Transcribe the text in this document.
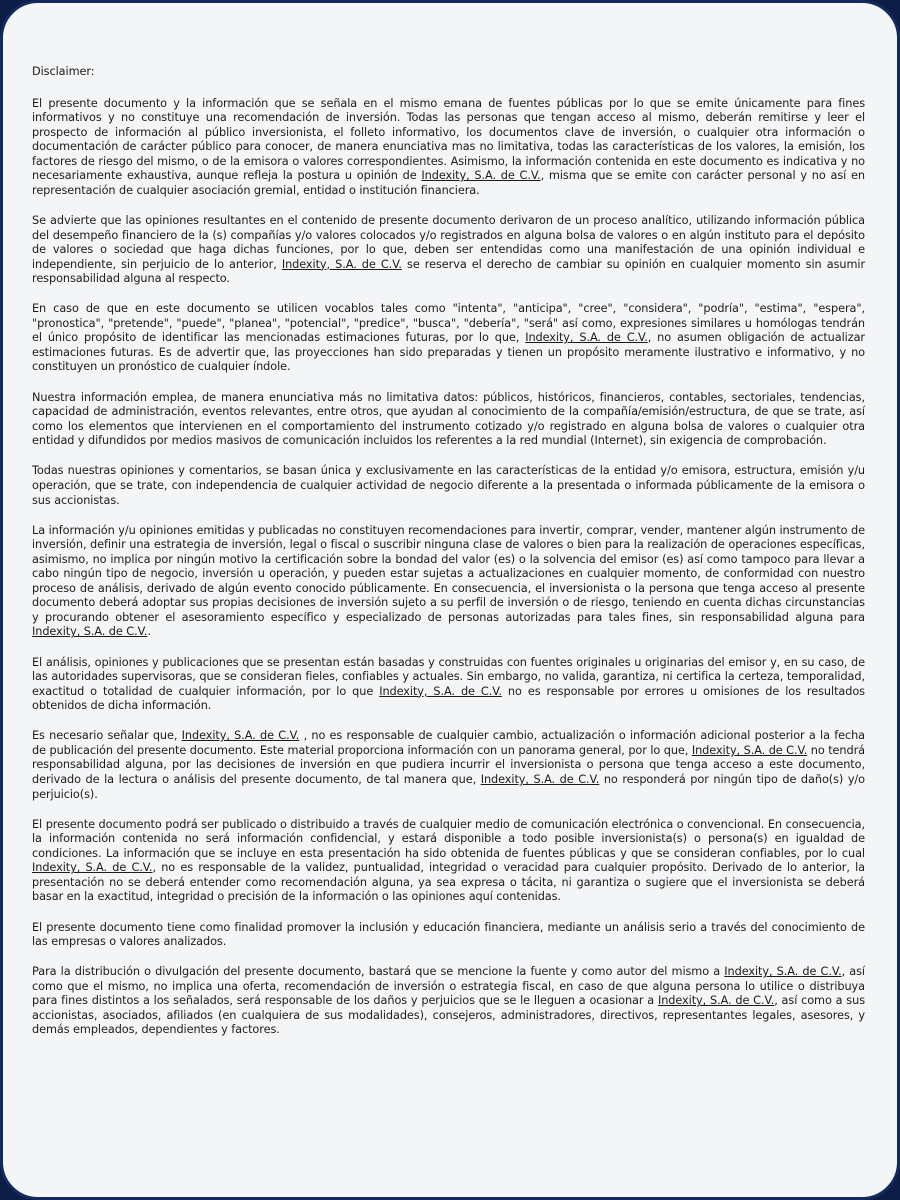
Disclaimer:

El presente documento y la información que se señala en el mismo emana de fuentes públicas por lo que se emite únicamente para fines informativos y no constituye una recomendación de inversión. Todas las personas que tengan acceso al mismo, deberán remitirse y leer el prospecto de información al público inversionista, el folleto informativo, los documentos clave de inversión, o cualquier otra información o documentación de carácter público para conocer, de manera enunciativa mas no limitativa, todas las características de los valores, la emisión, los factores de riesgo del mismo, o de la emisora o valores correspondientes. Asimismo, la información contenida en este documento es indicativa y no necesariamente exhaustiva, aunque refleja la postura u opinión de Indexity, S.A. de C.V., misma que se emite con carácter personal y no así en representación de cualquier asociación gremial, entidad o institución financiera.

Se advierte que las opiniones resultantes en el contenido de presente documento derivaron de un proceso analítico, utilizando información pública del desempeño financiero de la (s) compañías y/o valores colocados y/o registrados en alguna bolsa de valores o en algún instituto para el depósito de valores o sociedad que haga dichas funciones, por lo que, deben ser entendidas como una manifestación de una opinión individual e independiente, sin perjuicio de lo anterior, Indexity, S.A. de C.V. se reserva el derecho de cambiar su opinión en cualquier momento sin asumir responsabilidad alguna al respecto.

En caso de que en este documento se utilicen vocablos tales como "intenta", "anticipa", "cree", "considera", "podría", "estima", "espera", "pronostica", "pretende", "puede", "planea", "potencial", "predice", "busca", "debería", "será" así como, expresiones similares u homólogas tendrán el único propósito de identificar las mencionadas estimaciones futuras, por lo que, Indexity, S.A. de C.V., no asumen obligación de actualizar estimaciones futuras. Es de advertir que, las proyecciones han sido preparadas y tienen un propósito meramente ilustrativo e informativo, y no constituyen un pronóstico de cualquier índole.

Nuestra información emplea, de manera enunciativa más no limitativa datos: públicos, históricos, financieros, contables, sectoriales, tendencias, capacidad de administración, eventos relevantes, entre otros, que ayudan al conocimiento de la compañía/emisión/estructura, de que se trate, así como los elementos que intervienen en el comportamiento del instrumento cotizado y/o registrado en alguna bolsa de valores o cualquier otra entidad y difundidos por medios masivos de comunicación incluidos los referentes a la red mundial (Internet), sin exigencia de comprobación.

Todas nuestras opiniones y comentarios, se basan única y exclusivamente en las características de la entidad y/o emisora, estructura, emisión y/u operación, que se trate, con independencia de cualquier actividad de negocio diferente a la presentada o informada públicamente de la emisora o sus accionistas.

La información y/u opiniones emitidas y publicadas no constituyen recomendaciones para invertir, comprar, vender, mantener algún instrumento de inversión, definir una estrategia de inversión, legal o fiscal o suscribir ninguna clase de valores o bien para la realización de operaciones específicas, asimismo, no implica por ningún motivo la certificación sobre la bondad del valor (es) o la solvencia del emisor (es) así como tampoco para llevar a cabo ningún tipo de negocio, inversión u operación, y pueden estar sujetas a actualizaciones en cualquier momento, de conformidad con nuestro proceso de análisis, derivado de algún evento conocido públicamente. En consecuencia, el inversionista o la persona que tenga acceso al presente documento deberá adoptar sus propias decisiones de inversión sujeto a su perfil de inversión o de riesgo, teniendo en cuenta dichas circunstancias y procurando obtener el asesoramiento específico y especializado de personas autorizadas para tales fines, sin responsabilidad alguna para Indexity, S.A. de C.V..

El análisis, opiniones y publicaciones que se presentan están basadas y construidas con fuentes originales u originarias del emisor y, en su caso, de las autoridades supervisoras, que se consideran fieles, confiables y actuales. Sin embargo, no valida, garantiza, ni certifica la certeza, temporalidad, exactitud o totalidad de cualquier información, por lo que Indexity, S.A. de C.V. no es responsable por errores u omisiones de los resultados obtenidos de dicha información.

Es necesario señalar que, Indexity, S.A. de C.V. , no es responsable de cualquier cambio, actualización o información adicional posterior a la fecha de publicación del presente documento. Este material proporciona información con un panorama general, por lo que, Indexity, S.A. de C.V. no tendrá responsabilidad alguna, por las decisiones de inversión en que pudiera incurrir el inversionista o persona que tenga acceso a este documento, derivado de la lectura o análisis del presente documento, de tal manera que, Indexity, S.A. de C.V. no responderá por ningún tipo de daño(s) y/o perjuicio(s).

El presente documento podrá ser publicado o distribuido a través de cualquier medio de comunicación electrónica o convencional. En consecuencia, la información contenida no será información confidencial, y estará disponible a todo posible inversionista(s) o persona(s) en igualdad de condiciones. La información que se incluye en esta presentación ha sido obtenida de fuentes públicas y que se consideran confiables, por lo cual Indexity, S.A. de C.V., no es responsable de la validez, puntualidad, integridad o veracidad para cualquier propósito. Derivado de lo anterior, la presentación no se deberá entender como recomendación alguna, ya sea expresa o tácita, ni garantiza o sugiere que el inversionista se deberá basar en la exactitud, integridad o precisión de la información o las opiniones aquí contenidas.

El presente documento tiene como finalidad promover la inclusión y educación financiera, mediante un análisis serio a través del conocimiento de las empresas o valores analizados.

Para la distribución o divulgación del presente documento, bastará que se mencione la fuente y como autor del mismo a Indexity, S.A. de C.V., así como que el mismo, no implica una oferta, recomendación de inversión o estrategia fiscal, en caso de que alguna persona lo utilice o distribuya para fines distintos a los señalados, será responsable de los daños y perjuicios que se le lleguen a ocasionar a Indexity, S.A. de C.V., así como a sus accionistas, asociados, afiliados (en cualquiera de sus modalidades), consejeros, administradores, directivos, representantes legales, asesores, y demás empleados, dependientes y factores.
